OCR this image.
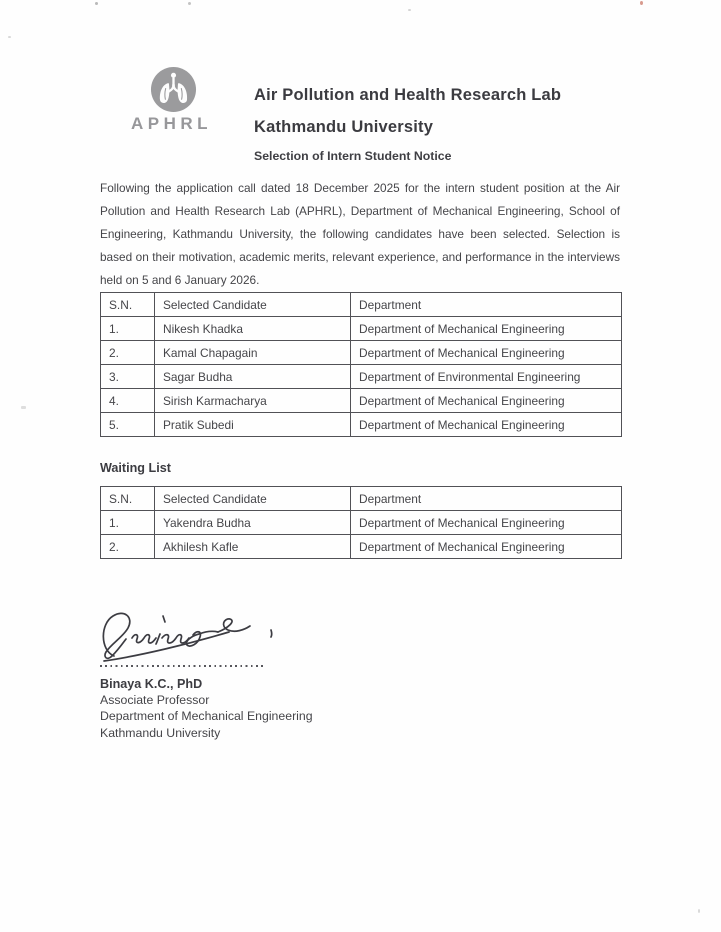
APHRL
Air Pollution and Health Research Lab
Kathmandu University
Selection of Intern Student Notice
Following the application call dated 18 December 2025 for the intern student position at the Air Pollution and Health Research Lab (APHRL), Department of Mechanical Engineering, School of Engineering, Kathmandu University, the following candidates have been selected. Selection is based on their motivation, academic merits, relevant experience, and performance in the interviews held on 5 and 6 January 2026.
S.N.	Selected Candidate	Department
1.	Nikesh Khadka	Department of Mechanical Engineering
2.	Kamal Chapagain	Department of Mechanical Engineering
3.	Sagar Budha	Department of Environmental Engineering
4.	Sirish Karmacharya	Department of Mechanical Engineering
5.	Pratik Subedi	Department of Mechanical Engineering
Waiting List
S.N.	Selected Candidate	Department
1.	Yakendra Budha	Department of Mechanical Engineering
2.	Akhilesh Kafle	Department of Mechanical Engineering
Binaya K.C., PhD
Associate Professor
Department of Mechanical Engineering
Kathmandu University
